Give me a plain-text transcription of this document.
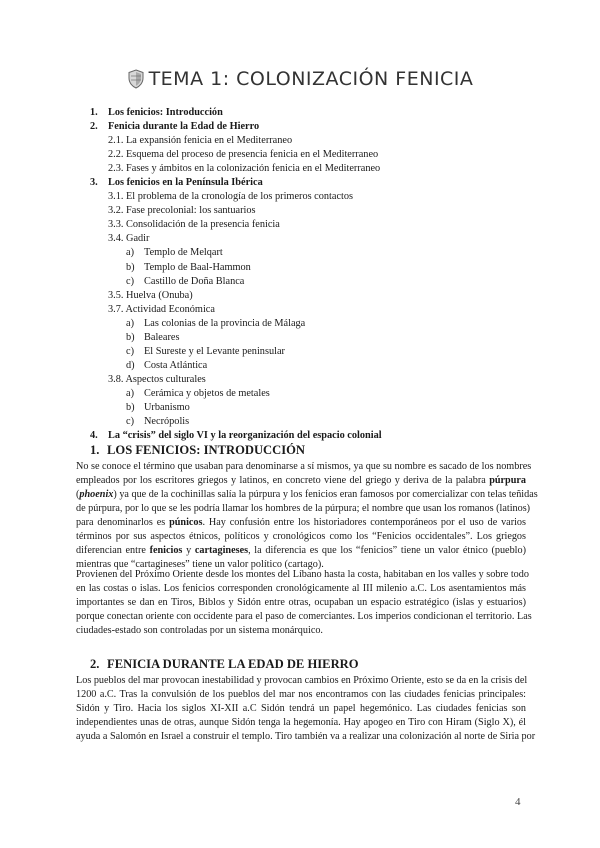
TEMA 1: COLONIZACIÓN FENICIA
1. Los fenicios: Introducción
2. Fenicia durante la Edad de Hierro
2.1. La expansión fenicia en el Mediterraneo
2.2. Esquema del proceso de presencia fenicia en el Mediterraneo
2.3. Fases y ámbitos en la colonización fenicia en el Mediterraneo
3. Los fenicios en la Península Ibérica
3.1. El problema de la cronología de los primeros contactos
3.2. Fase precolonial: los santuarios
3.3. Consolidación de la presencia fenicia
3.4. Gadir
a) Templo de Melqart
b) Templo de Baal-Hammon
c) Castillo de Doña Blanca
3.5. Huelva (Onuba)
3.7. Actividad Económica
a) Las colonias de la provincia de Málaga
b) Baleares
c) El Sureste y el Levante peninsular
d) Costa Atlántica
3.8. Aspectos culturales
a) Cerámica y objetos de metales
b) Urbanismo
c) Necrópolis
4. La “crisis” del siglo VI y la reorganización del espacio colonial
1. LOS FENICIOS: INTRODUCCIÓN
No se conoce el término que usaban para denominarse a sí mismos, ya que su nombre es sacado de los nombres
empleados por los escritores griegos y latinos, en concreto viene del griego y deriva de la palabra púrpura
(phoenix) ya que de la cochinillas salía la púrpura y los fenicios eran famosos por comercializar con telas teñidas
de púrpura, por lo que se les podría llamar los hombres de la púrpura; el nombre que usan los romanos (latinos)
para denominarlos es púnicos. Hay confusión entre los historiadores contemporáneos por el uso de varios
términos por sus aspectos étnicos, políticos y cronológicos como los “Fenicios occidentales”. Los griegos
diferencian entre fenicios y cartagineses, la diferencia es que los “fenicios” tiene un valor étnico (pueblo)
mientras que “cartagineses” tiene un valor político (cartago).
Provienen del Próximo Oriente desde los montes del Líbano hasta la costa, habitaban en los valles y sobre todo
en las costas o islas. Los fenicios corresponden cronológicamente al III milenio a.C. Los asentamientos más
importantes se dan en Tiros, Biblos y Sidón entre otras, ocupaban un espacio estratégico (islas y estuarios)
porque conectan oriente con occidente para el paso de comerciantes. Los imperios condicionan el territorio. Las
ciudades-estado son controladas por un sistema monárquico.
2. FENICIA DURANTE LA EDAD DE HIERRO
Los pueblos del mar provocan inestabilidad y provocan cambios en Próximo Oriente, esto se da en la crisis del
1200 a.C. Tras la convulsión de los pueblos del mar nos encontramos con las ciudades fenicias principales:
Sidón y Tiro. Hacia los siglos XI-XII a.C Sidón tendrá un papel hegemónico. Las ciudades fenicias son
independientes unas de otras, aunque Sidón tenga la hegemonía. Hay apogeo en Tiro con Hiram (Siglo X), él
ayuda a Salomón en Israel a construir el templo. Tiro también va a realizar una colonización al norte de Siria por
4
